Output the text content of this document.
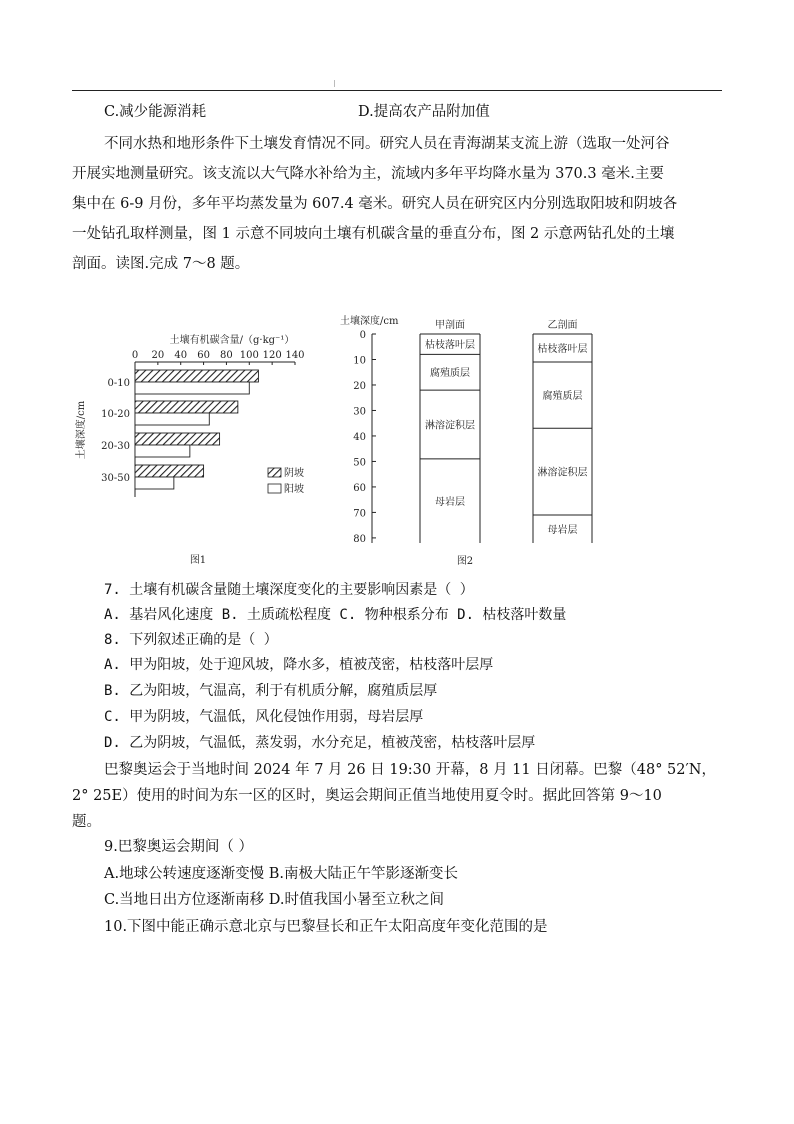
C.减少能源消耗	D.提高农产品附加值
不同水热和地形条件下土壤发育情况不同。研究人员在青海湖某支流上游（选取一处河谷
开展实地测量研究。该支流以大气降水补给为主，流域内多年平均降水量为 370.3 毫米.主要
集中在 6-9 月份，多年平均蒸发量为 607.4 毫米。研究人员在研究区内分别选取阳坡和阴坡各
一处钻孔取样测量，图 1 示意不同坡向土壤有机碳含量的垂直分布，图 2 示意两钻孔处的土壤
剖面。读图.完成 7～8 题。
土壤有机碳含量/（g·kg⁻¹）
0 20 40 60 80 100 120 140
土壤深度/cm
0-10
10-20
20-30
30-50	阴坡
阳坡
图1
土壤深度/cm
0
10
20
30
40
50
60
70
80
甲剖面
枯枝落叶层
腐殖质层
淋溶淀积层
母岩层
乙剖面
枯枝落叶层
腐殖质层
淋溶淀积层
母岩层
图2
7. 土壤有机碳含量随土壤深度变化的主要影响因素是（ ）
A. 基岩风化速度 B. 土质疏松程度 C. 物种根系分布 D. 枯枝落叶数量
8. 下列叙述正确的是（ ）
A. 甲为阳坡，处于迎风坡，降水多，植被茂密，枯枝落叶层厚
B. 乙为阳坡，气温高，利于有机质分解，腐殖质层厚
C. 甲为阴坡，气温低，风化侵蚀作用弱，母岩层厚
D. 乙为阴坡，气温低，蒸发弱，水分充足，植被茂密，枯枝落叶层厚
巴黎奥运会于当地时间 2024 年 7 月 26 日 19:30 开幕，8 月 11 日闭幕。巴黎（48° 52′N，
2° 25E）使用的时间为东一区的区时，奥运会期间正值当地使用夏令时。据此回答第 9～10
题。
9.巴黎奥运会期间（ ）
A.地球公转速度逐渐变慢 B.南极大陆正午竿影逐渐变长
C.当地日出方位逐渐南移 D.时值我国小暑至立秋之间
10.下图中能正确示意北京与巴黎昼长和正午太阳高度年变化范围的是
